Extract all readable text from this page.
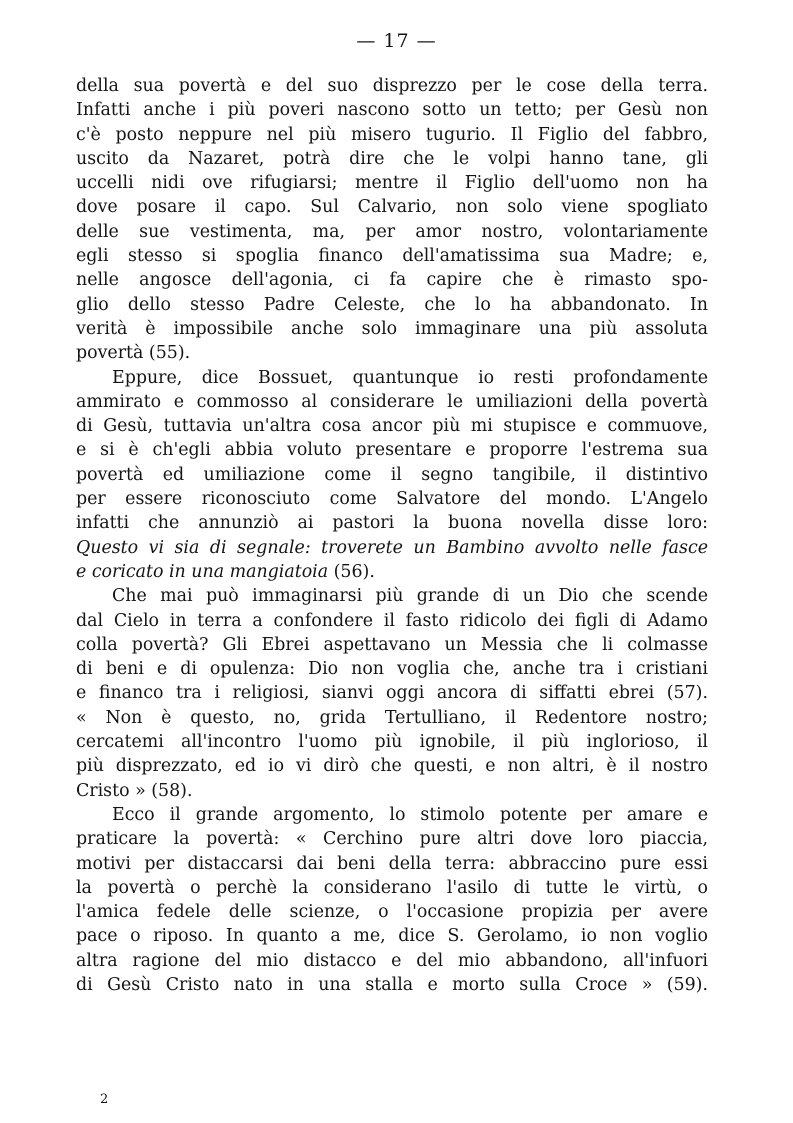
— 17 —
della sua povertà e del suo disprezzo per le cose della terra.
Infatti anche i più poveri nascono sotto un tetto; per Gesù non
c'è posto neppure nel più misero tugurio. Il Figlio del fabbro,
uscito da Nazaret, potrà dire che le volpi hanno tane, gli
uccelli nidi ove rifugiarsi; mentre il Figlio dell'uomo non ha
dove posare il capo. Sul Calvario, non solo viene spogliato
delle sue vestimenta, ma, per amor nostro, volontariamente
egli stesso si spoglia financo dell'amatissima sua Madre; e,
nelle angosce dell'agonia, ci fa capire che è rimasto spo-
glio dello stesso Padre Celeste, che lo ha abbandonato. In
verità è impossibile anche solo immaginare una più assoluta
povertà (55).
Eppure, dice Bossuet, quantunque io resti profondamente
ammirato e commosso al considerare le umiliazioni della povertà
di Gesù, tuttavia un'altra cosa ancor più mi stupisce e commuove,
e si è ch'egli abbia voluto presentare e proporre l'estrema sua
povertà ed umiliazione come il segno tangibile, il distintivo
per essere riconosciuto come Salvatore del mondo. L'Angelo
infatti che annunziò ai pastori la buona novella disse loro:
Questo vi sia di segnale: troverete un Bambino avvolto nelle fasce
e coricato in una mangiatoia (56).
Che mai può immaginarsi più grande di un Dio che scende
dal Cielo in terra a confondere il fasto ridicolo dei figli di Adamo
colla povertà? Gli Ebrei aspettavano un Messia che li colmasse
di beni e di opulenza: Dio non voglia che, anche tra i cristiani
e financo tra i religiosi, sianvi oggi ancora di siffatti ebrei (57).
« Non è questo, no, grida Tertulliano, il Redentore nostro;
cercatemi all'incontro l'uomo più ignobile, il più inglorioso, il
più disprezzato, ed io vi dirò che questi, e non altri, è il nostro
Cristo » (58).
Ecco il grande argomento, lo stimolo potente per amare e
praticare la povertà: « Cerchino pure altri dove loro piaccia,
motivi per distaccarsi dai beni della terra: abbraccino pure essi
la povertà o perchè la considerano l'asilo di tutte le virtù, o
l'amica fedele delle scienze, o l'occasione propizia per avere
pace o riposo. In quanto a me, dice S. Gerolamo, io non voglio
altra ragione del mio distacco e del mio abbandono, all'infuori
di Gesù Cristo nato in una stalla e morto sulla Croce » (59).
2
